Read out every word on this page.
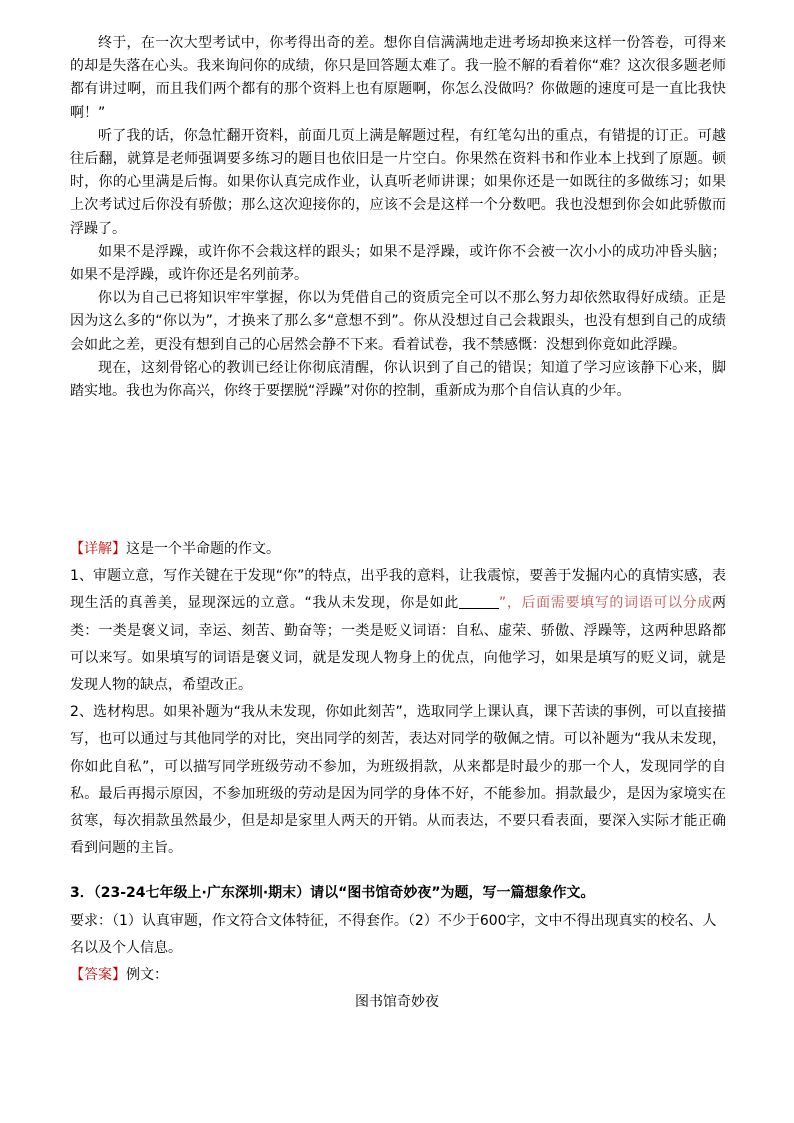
终于，在一次大型考试中，你考得出奇的差。想你自信满满地走进考场却换来这样一份答卷，可得来的却是失落在心头。我来询问你的成绩，你只是回答题太难了。我一脸不解的看着你“难？这次很多题老师都有讲过啊，而且我们两个都有的那个资料上也有原题啊，你怎么没做吗？你做题的速度可是一直比我快啊！”

听了我的话，你急忙翻开资料，前面几页上满是解题过程，有红笔勾出的重点，有错提的订正。可越往后翻，就算是老师强调要多练习的题目也依旧是一片空白。你果然在资料书和作业本上找到了原题。顿时，你的心里满是后悔。如果你认真完成作业，认真听老师讲课；如果你还是一如既往的多做练习；如果上次考试过后你没有骄傲；那么这次迎接你的，应该不会是这样一个分数吧。我也没想到你会如此骄傲而浮躁了。

如果不是浮躁，或许你不会栽这样的跟头；如果不是浮躁，或许你不会被一次小小的成功冲昏头脑；如果不是浮躁，或许你还是名列前茅。

你以为自己已将知识牢牢掌握，你以为凭借自己的资质完全可以不那么努力却依然取得好成绩。正是因为这么多的“你以为”，才换来了那么多“意想不到”。你从没想过自己会栽跟头，也没有想到自己的成绩会如此之差，更没有想到自己的心居然会静不下来。看着试卷，我不禁感慨：没想到你竟如此浮躁。

现在，这刻骨铭心的教训已经让你彻底清醒，你认识到了自己的错误；知道了学习应该静下心来，脚踏实地。我也为你高兴，你终于要摆脱“浮躁”对你的控制，重新成为那个自信认真的少年。

【详解】这是一个半命题的作文。

1、审题立意，写作关键在于发现“你”的特点，出乎我的意料，让我震惊，要善于发掘内心的真情实感，表现生活的真善美，显现深远的立意。“我从未发现，你是如此	”，后面需要填写的词语可以分成两类：一类是褒义词，幸运、刻苦、勤奋等；一类是贬义词语：自私、虚荣、骄傲、浮躁等，这两种思路都可以来写。如果填写的词语是褒义词，就是发现人物身上的优点，向他学习，如果是填写的贬义词，就是发现人物的缺点，希望改正。

2、选材构思。如果补题为“我从未发现，你如此刻苦”，选取同学上课认真，课下苦读的事例，可以直接描写，也可以通过与其他同学的对比，突出同学的刻苦，表达对同学的敬佩之情。可以补题为“我从未发现，你如此自私”，可以描写同学班级劳动不参加，为班级捐款，从来都是时最少的那一个人，发现同学的自私。最后再揭示原因，不参加班级的劳动是因为同学的身体不好，不能参加。捐款最少，是因为家境实在贫寒，每次捐款虽然最少，但是却是家里人两天的开销。从而表达，不要只看表面，要深入实际才能正确看到问题的主旨。

3．（23-24七年级上·广东深圳·期末）请以“图书馆奇妙夜”为题，写一篇想象作文。

要求：（1）认真审题，作文符合文体特征，不得套作。（2）不少于600字，文中不得出现真实的校名、人名以及个人信息。

【答案】例文：

图书馆奇妙夜
